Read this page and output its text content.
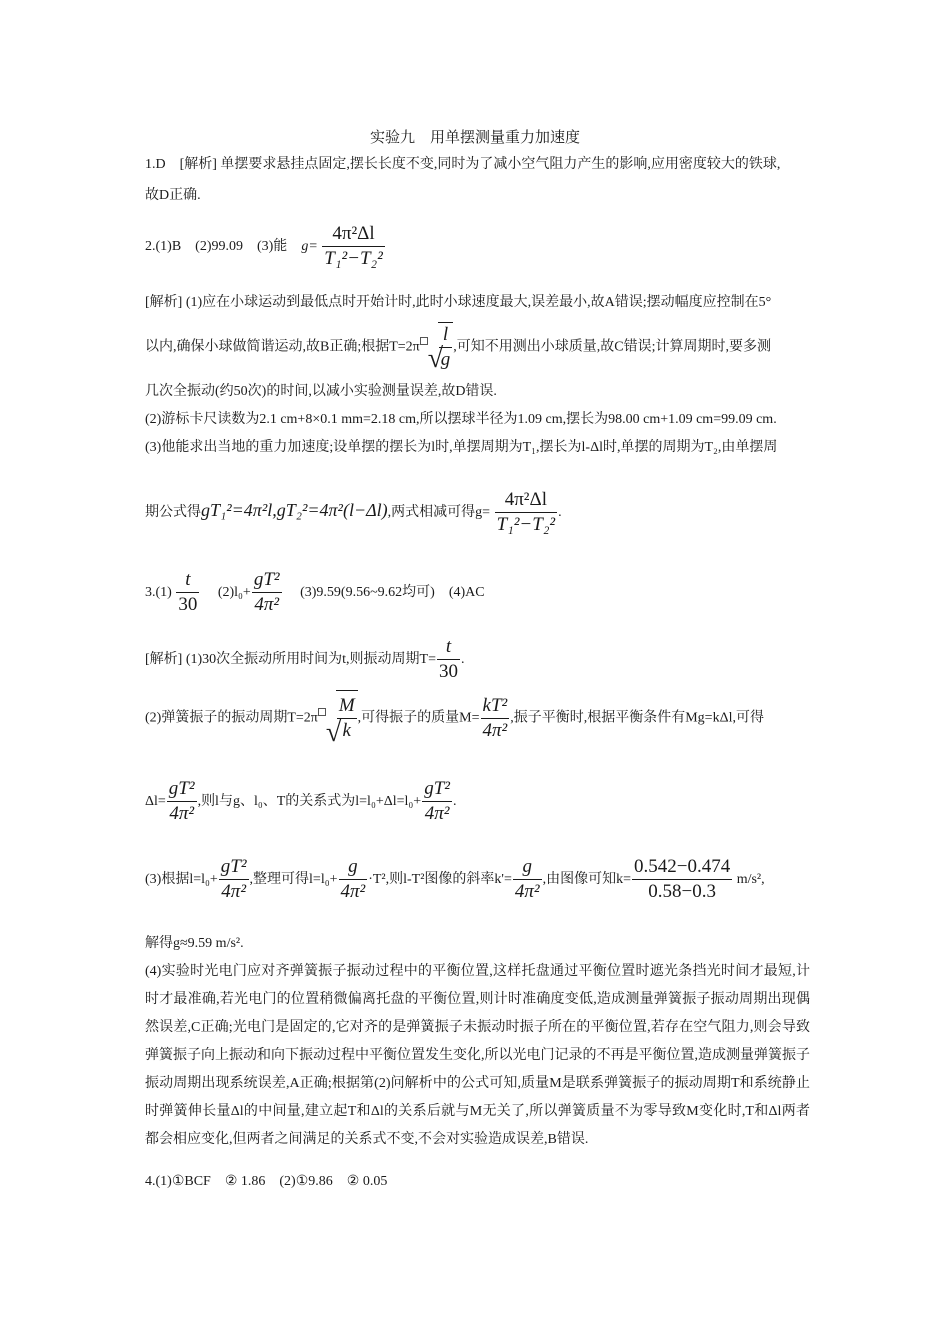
实验九　用单摆测量重力加速度
1.D　[解析] 单摆要求悬挂点固定,摆长长度不变,同时为了减小空气阻力产生的影响,应用密度较大的铁球,
故D正确.
2.(1)B　(2)99.09　(3)能　$g= \frac{\text{4π²Δl}}{\text{T₁²−T₂²}}$
[解析] (1)应在小球运动到最低点时开始计时,此时小球速度最大,误差最小,故A错误;摆动幅度应控制在5°
以内,确保小球做简谐运动,故B正确;根据T=2π √
$\frac{l}{g}$ ,可知不用测出小球质量,故C错误;计算周期时,要多测
几次全振动(约50次)的时间,以减小实验测量误差,故D错误.
(2)游标卡尺读数为2.1 cm+8×0.1 mm=2.18 cm,所以摆球半径为1.09 cm,摆长为98.00 cm+1.09 cm=99.09 cm.
(3)他能求出当地的重力加速度;设单摆的摆长为l时,单摆周期为T₁,摆长为l-Δl时,单摆的周期为T₂,由单摆周
期公式得gT₁²=4π²l,gT₂²=4π²(l−Δl),两式相减可得$g= \frac{\text{4π²Δl}}{\text{T₁²−T₂²}}$ .
$3.(1) \frac{t}{30}$ 　$(2)l_0+ \frac{\text{gT²}}{\text{4π²}}$ 　(3)9.59(9.56~9.62均可)　(4)AC
[解析] (1)30次全振动所用时间为t,则振动周期$T= \frac{t}{30}$ .
(2)弹簧振子的振动周期T=2π √
$\frac{M}{k}$ ,可得振子的质量$M= \frac{\text{kT²}}{\text{4π²}}$ ,振子平衡时,根据平衡条件有Mg=kΔl,可得
$\Delta l= \frac{\text{gT²}}{\text{4π²}}$ ,则l与g、l₀、T的关系式为$l=l_0+\Delta l=l_0+ \frac{\text{gT²}}{\text{4π²}}$ .
(3)根据$l=l_0+ \frac{\text{gT²}}{\text{4π²}}$ ,整理可得$l=l_0+ \frac{g}{\text{4π²}} \cdot T^2$,则l-T²图像的斜率$k'= \frac{g}{\text{4π²}}$ ,由图像可知$k= \frac{0.542-0.474}{0.58-0.3} m/s^2$,
解得g≈9.59 m/s².
(4)实验时光电门应对齐弹簧振子振动过程中的平衡位置,这样托盘通过平衡位置时遮光条挡光时间才最短,计时才最准确,若光电门的位置稍微偏离托盘的平衡位置,则计时准确度变低,造成测量弹簧振子振动周期出现偶然误差,C正确;光电门是固定的,它对齐的是弹簧振子未振动时振子所在的平衡位置,若存在空气阻力,则会导致弹簧振子向上振动和向下振动过程中平衡位置发生变化,所以光电门记录的不再是平衡位置,造成测量弹簧振子振动周期出现系统误差,A正确;根据第(2)问解析中的公式可知,质量M是联系弹簧振子的振动周期T和系统静止时弹簧伸长量Δl的中间量,建立起T和Δl的关系后就与M无关了,所以弹簧质量不为零导致M变化时,T和Δl两者都会相应变化,但两者之间满足的关系式不变,不会对实验造成误差,B错误.
4.(1)①BCF　② 1.86　(2)①9.86　② 0.05
